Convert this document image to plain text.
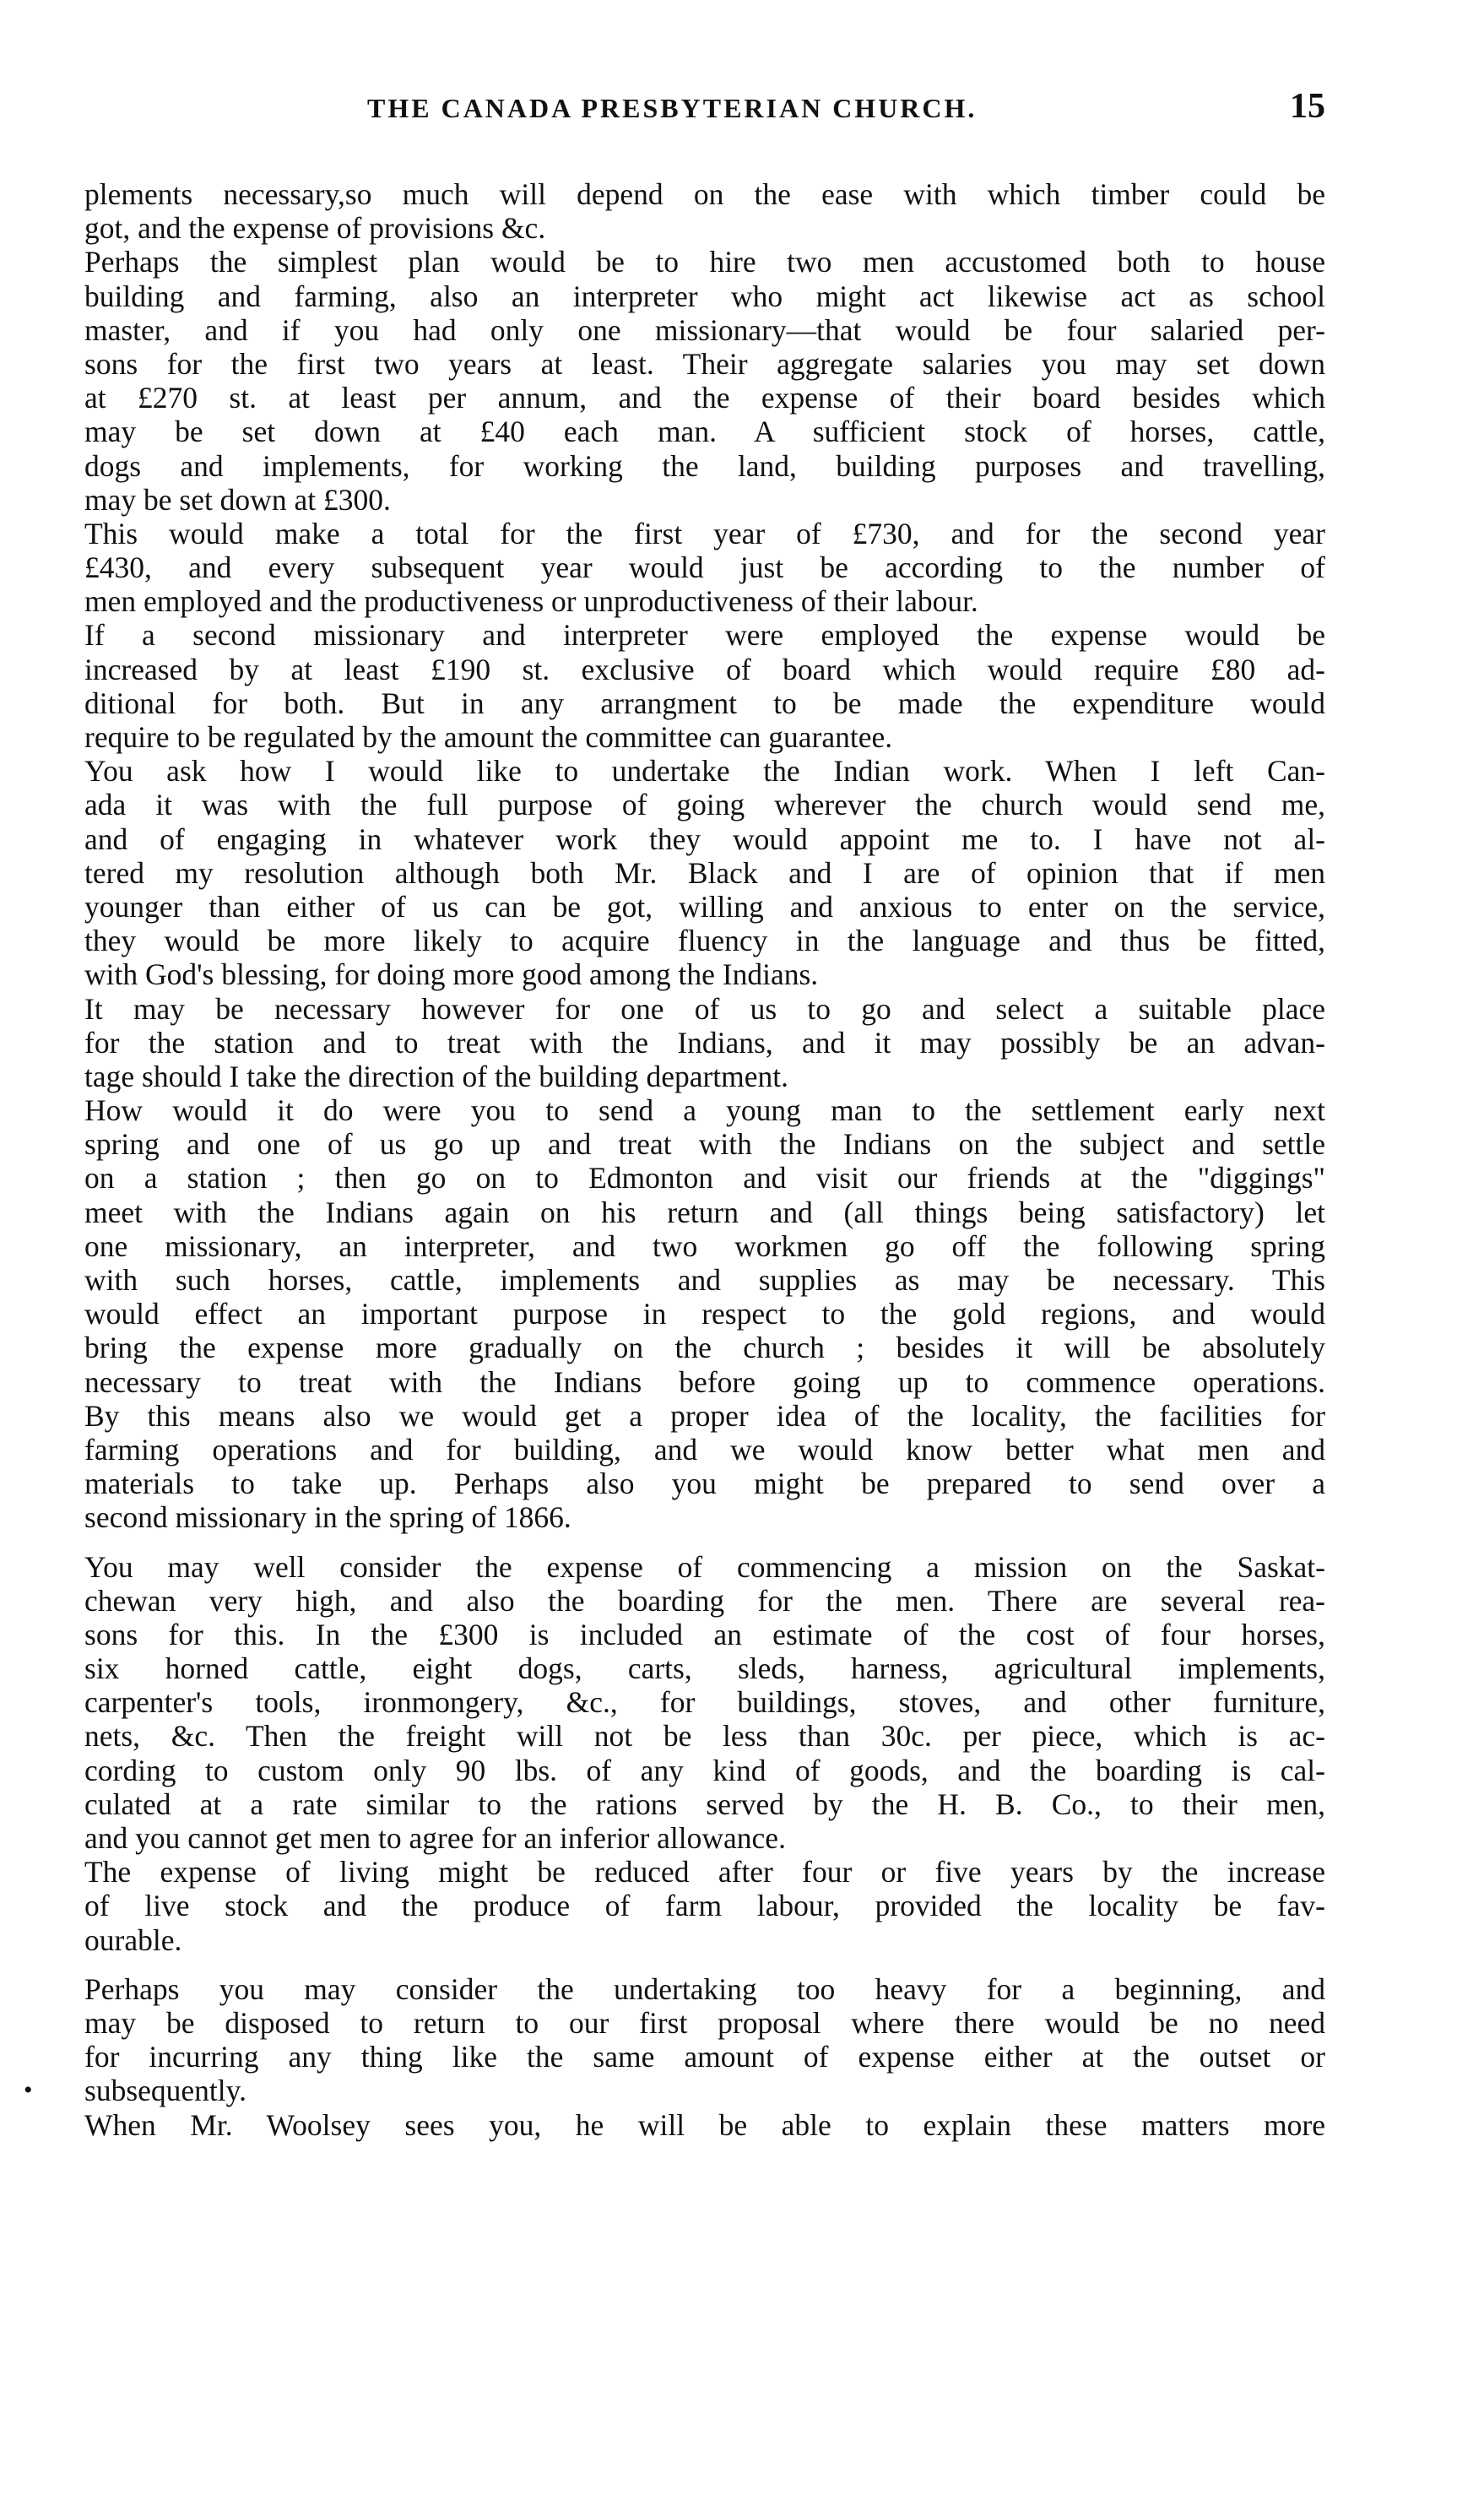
THE CANADA PRESBYTERIAN CHURCH.	15
plements necessary,so much will depend on the ease with which timber could be
got, and the expense of provisions &c.
Perhaps the simplest plan would be to hire two men accustomed both to house
building and farming, also an interpreter who might act likewise act as school
master, and if you had only one missionary—that would be four salaried per-
sons for the first two years at least. Their aggregate salaries you may set down
at £270 st. at least per annum, and the expense of their board besides which
may be set down at £40 each man. A sufficient stock of horses, cattle,
dogs and implements, for working the land, building purposes and travelling,
may be set down at £300.
This would make a total for the first year of £730, and for the second year
£430, and every subsequent year would just be according to the number of
men employed and the productiveness or unproductiveness of their labour.
If a second missionary and interpreter were employed the expense would be
increased by at least £190 st. exclusive of board which would require £80 ad-
ditional for both. But in any arrangment to be made the expenditure would
require to be regulated by the amount the committee can guarantee.
You ask how I would like to undertake the Indian work. When I left Can-
ada it was with the full purpose of going wherever the church would send me,
and of engaging in whatever work they would appoint me to. I have not al-
tered my resolution although both Mr. Black and I are of opinion that if men
younger than either of us can be got, willing and anxious to enter on the service,
they would be more likely to acquire fluency in the language and thus be fitted,
with God's blessing, for doing more good among the Indians.
It may be necessary however for one of us to go and select a suitable place
for the station and to treat with the Indians, and it may possibly be an advan-
tage should I take the direction of the building department.
How would it do were you to send a young man to the settlement early next
spring and one of us go up and treat with the Indians on the subject and settle
on a station ; then go on to Edmonton and visit our friends at the "diggings"
meet with the Indians again on his return and (all things being satisfactory) let
one missionary, an interpreter, and two workmen go off the following spring
with such horses, cattle, implements and supplies as may be necessary. This
would effect an important purpose in respect to the gold regions, and would
bring the expense more gradually on the church ; besides it will be absolutely
necessary to treat with the Indians before going up to commence operations.
By this means also we would get a proper idea of the locality, the facilities for
farming operations and for building, and we would know better what men and
materials to take up. Perhaps also you might be prepared to send over a
second missionary in the spring of 1866.
You may well consider the expense of commencing a mission on the Saskat-
chewan very high, and also the boarding for the men. There are several rea-
sons for this. In the £300 is included an estimate of the cost of four horses,
six horned cattle, eight dogs, carts, sleds, harness, agricultural implements,
carpenter's tools, ironmongery, &c., for buildings, stoves, and other furniture,
nets, &c. Then the freight will not be less than 30c. per piece, which is ac-
cording to custom only 90 lbs. of any kind of goods, and the boarding is cal-
culated at a rate similar to the rations served by the H. B. Co., to their men,
and you cannot get men to agree for an inferior allowance.
The expense of living might be reduced after four or five years by the increase
of live stock and the produce of farm labour, provided the locality be fav-
ourable.
Perhaps you may consider the undertaking too heavy for a beginning, and
may be disposed to return to our first proposal where there would be no need
for incurring any thing like the same amount of expense either at the outset or
subsequently.
•
When Mr. Woolsey sees you, he will be able to explain these matters more
